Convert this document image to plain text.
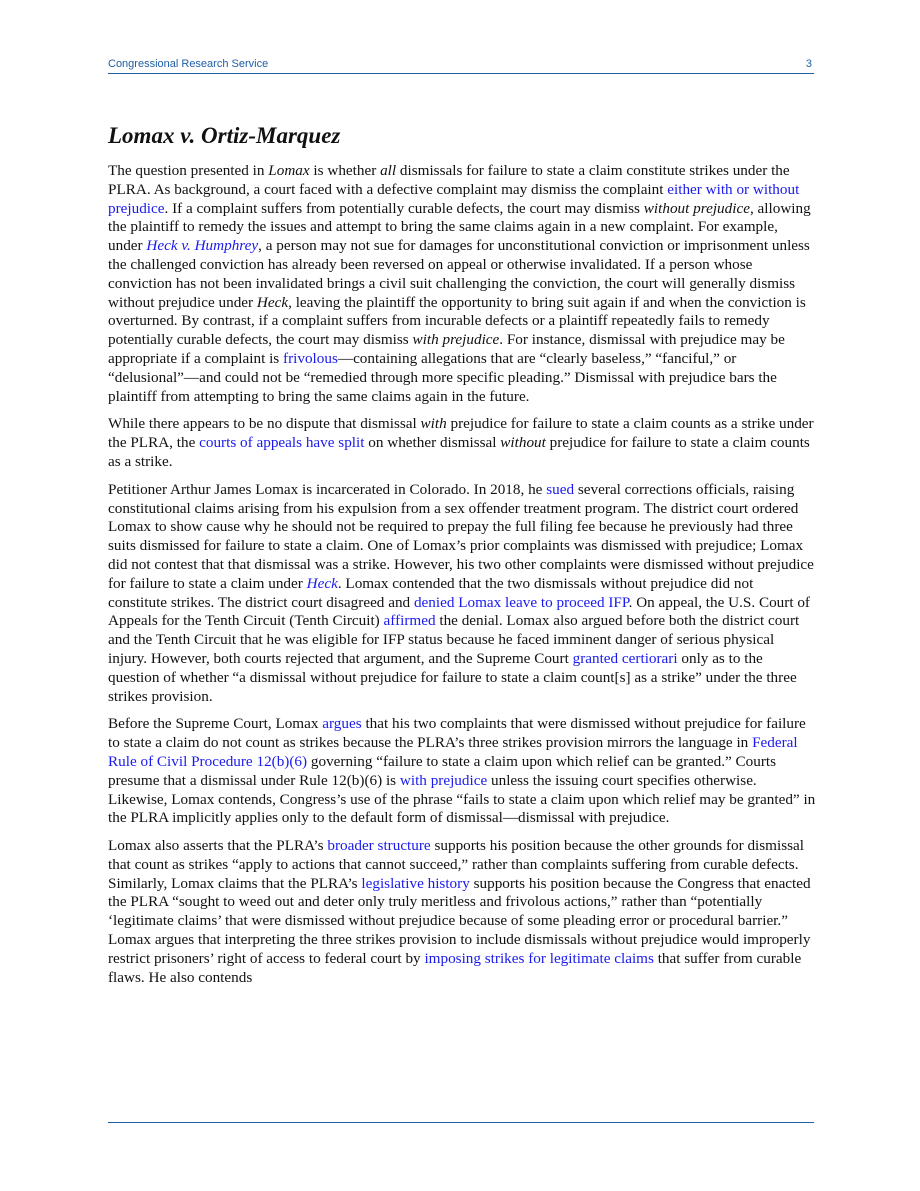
Congressional Research Service	3
Lomax v. Ortiz-Marquez

The question presented in Lomax is whether all dismissals for failure to state a claim constitute strikes under the PLRA. As background, a court faced with a defective complaint may dismiss the complaint either with or without prejudice. If a complaint suffers from potentially curable defects, the court may dismiss without prejudice, allowing the plaintiff to remedy the issues and attempt to bring the same claims again in a new complaint. For example, under Heck v. Humphrey, a person may not sue for damages for unconstitutional conviction or imprisonment unless the challenged conviction has already been reversed on appeal or otherwise invalidated. If a person whose conviction has not been invalidated brings a civil suit challenging the conviction, the court will generally dismiss without prejudice under Heck, leaving the plaintiff the opportunity to bring suit again if and when the conviction is overturned. By contrast, if a complaint suffers from incurable defects or a plaintiff repeatedly fails to remedy potentially curable defects, the court may dismiss with prejudice. For instance, dismissal with prejudice may be appropriate if a complaint is frivolous—containing allegations that are “clearly baseless,” “fanciful,” or “delusional”—and could not be “remedied through more specific pleading.” Dismissal with prejudice bars the plaintiff from attempting to bring the same claims again in the future.

While there appears to be no dispute that dismissal with prejudice for failure to state a claim counts as a strike under the PLRA, the courts of appeals have split on whether dismissal without prejudice for failure to state a claim counts as a strike.

Petitioner Arthur James Lomax is incarcerated in Colorado. In 2018, he sued several corrections officials, raising constitutional claims arising from his expulsion from a sex offender treatment program. The district court ordered Lomax to show cause why he should not be required to prepay the full filing fee because he previously had three suits dismissed for failure to state a claim. One of Lomax’s prior complaints was dismissed with prejudice; Lomax did not contest that that dismissal was a strike. However, his two other complaints were dismissed without prejudice for failure to state a claim under Heck. Lomax contended that the two dismissals without prejudice did not constitute strikes. The district court disagreed and denied Lomax leave to proceed IFP. On appeal, the U.S. Court of Appeals for the Tenth Circuit (Tenth Circuit) affirmed the denial. Lomax also argued before both the district court and the Tenth Circuit that he was eligible for IFP status because he faced imminent danger of serious physical injury. However, both courts rejected that argument, and the Supreme Court granted certiorari only as to the question of whether “a dismissal without prejudice for failure to state a claim count[s] as a strike” under the three strikes provision.

Before the Supreme Court, Lomax argues that his two complaints that were dismissed without prejudice for failure to state a claim do not count as strikes because the PLRA’s three strikes provision mirrors the language in Federal Rule of Civil Procedure 12(b)(6) governing “failure to state a claim upon which relief can be granted.” Courts presume that a dismissal under Rule 12(b)(6) is with prejudice unless the issuing court specifies otherwise. Likewise, Lomax contends, Congress’s use of the phrase “fails to state a claim upon which relief may be granted” in the PLRA implicitly applies only to the default form of dismissal—dismissal with prejudice.

Lomax also asserts that the PLRA’s broader structure supports his position because the other grounds for dismissal that count as strikes “apply to actions that cannot succeed,” rather than complaints suffering from curable defects. Similarly, Lomax claims that the PLRA’s legislative history supports his position because the Congress that enacted the PLRA “sought to weed out and deter only truly meritless and frivolous actions,” rather than “potentially ‘legitimate claims’ that were dismissed without prejudice because of some pleading error or procedural barrier.” Lomax argues that interpreting the three strikes provision to include dismissals without prejudice would improperly restrict prisoners’ right of access to federal court by imposing strikes for legitimate claims that suffer from curable flaws. He also contends
